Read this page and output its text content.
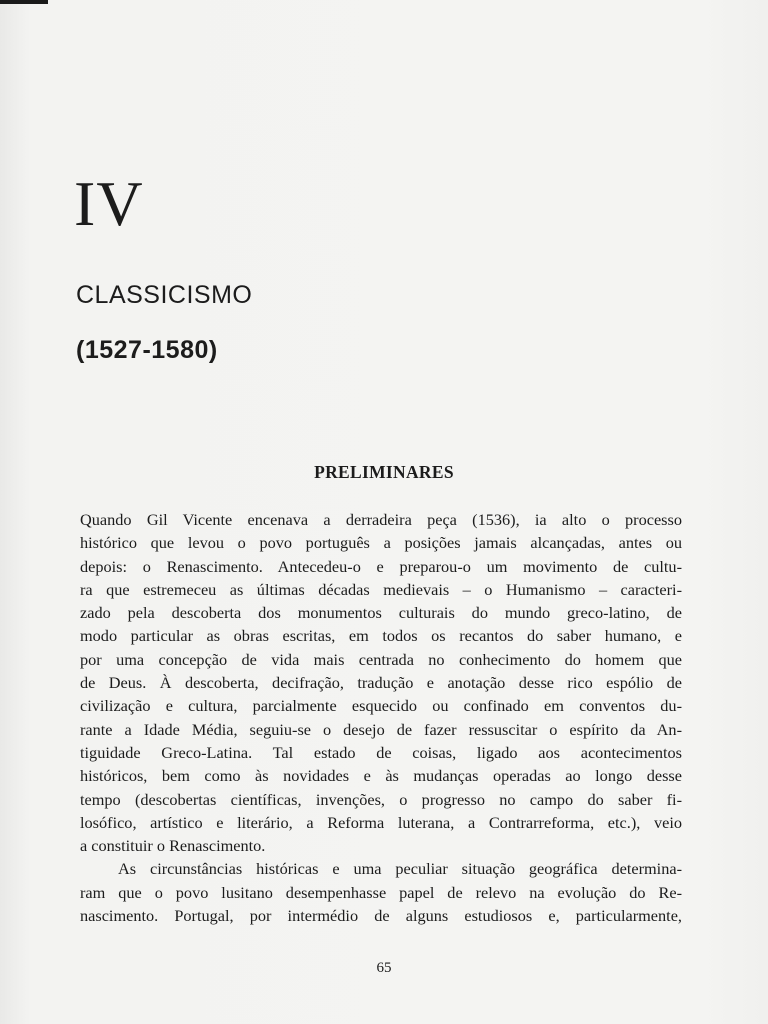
IV
CLASSICISMO
(1527-1580)
PRELIMINARES
Quando Gil Vicente encenava a derradeira peça (1536), ia alto o processo
histórico que levou o povo português a posições jamais alcançadas, antes ou
depois: o Renascimento. Antecedeu-o e preparou-o um movimento de cultu-
ra que estremeceu as últimas décadas medievais – o Humanismo – caracteri-
zado pela descoberta dos monumentos culturais do mundo greco-latino, de
modo particular as obras escritas, em todos os recantos do saber humano, e
por uma concepção de vida mais centrada no conhecimento do homem que
de Deus. À descoberta, decifração, tradução e anotação desse rico espólio de
civilização e cultura, parcialmente esquecido ou confinado em conventos du-
rante a Idade Média, seguiu-se o desejo de fazer ressuscitar o espírito da An-
tiguidade Greco-Latina. Tal estado de coisas, ligado aos acontecimentos
históricos, bem como às novidades e às mudanças operadas ao longo desse
tempo (descobertas científicas, invenções, o progresso no campo do saber fi-
losófico, artístico e literário, a Reforma luterana, a Contrarreforma, etc.), veio
a constituir o Renascimento.
As circunstâncias históricas e uma peculiar situação geográfica determina-
ram que o povo lusitano desempenhasse papel de relevo na evolução do Re-
nascimento. Portugal, por intermédio de alguns estudiosos e, particularmente,
65
